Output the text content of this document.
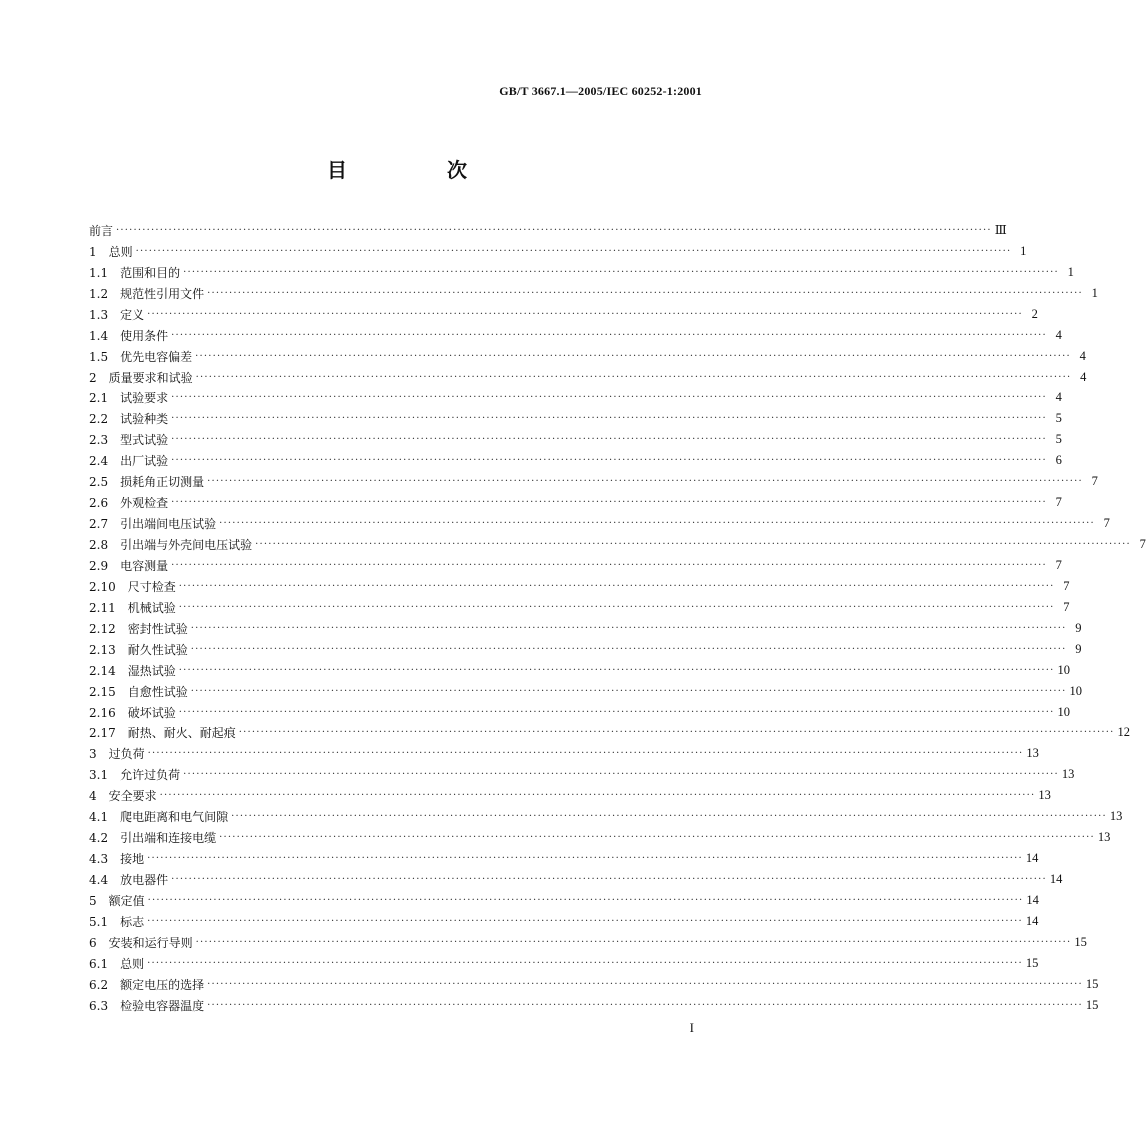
GB/T 3667.1—2005/IEC 60252-1:2001
目　次
前言 ········································································································································································································ Ⅲ
1　总则 ········································································································································································································ 1
1.1　范围和目的 ········································································································································································································ 1
1.2　规范性引用文件 ········································································································································································································ 1
1.3　定义 ········································································································································································································ 2
1.4　使用条件 ········································································································································································································ 4
1.5　优先电容偏差 ········································································································································································································ 4
2　质量要求和试验 ········································································································································································································ 4
2.1　试验要求 ········································································································································································································ 4
2.2　试验种类 ········································································································································································································ 5
2.3　型式试验 ········································································································································································································ 5
2.4　出厂试验 ········································································································································································································ 6
2.5　损耗角正切测量 ········································································································································································································ 7
2.6　外观检查 ········································································································································································································ 7
2.7　引出端间电压试验 ········································································································································································································ 7
2.8　引出端与外壳间电压试验 ········································································································································································································ 7
2.9　电容测量 ········································································································································································································ 7
2.10　尺寸检查 ········································································································································································································ 7
2.11　机械试验 ········································································································································································································ 7
2.12　密封性试验 ········································································································································································································ 9
2.13　耐久性试验 ········································································································································································································ 9
2.14　湿热试验 ········································································································································································································ 10
2.15　自愈性试验 ········································································································································································································ 10
2.16　破坏试验 ········································································································································································································ 10
2.17　耐热、耐火、耐起痕 ········································································································································································································ 12
3　过负荷 ········································································································································································································ 13
3.1　允许过负荷 ········································································································································································································ 13
4　安全要求 ········································································································································································································ 13
4.1　爬电距离和电气间隙 ········································································································································································································ 13
4.2　引出端和连接电缆 ········································································································································································································ 13
4.3　接地 ········································································································································································································ 14
4.4　放电器件 ········································································································································································································ 14
5　额定值 ········································································································································································································ 14
5.1　标志 ········································································································································································································ 14
6　安装和运行导则 ········································································································································································································ 15
6.1　总则 ········································································································································································································ 15
6.2　额定电压的选择 ········································································································································································································ 15
6.3　检验电容器温度 ········································································································································································································ 15
I
